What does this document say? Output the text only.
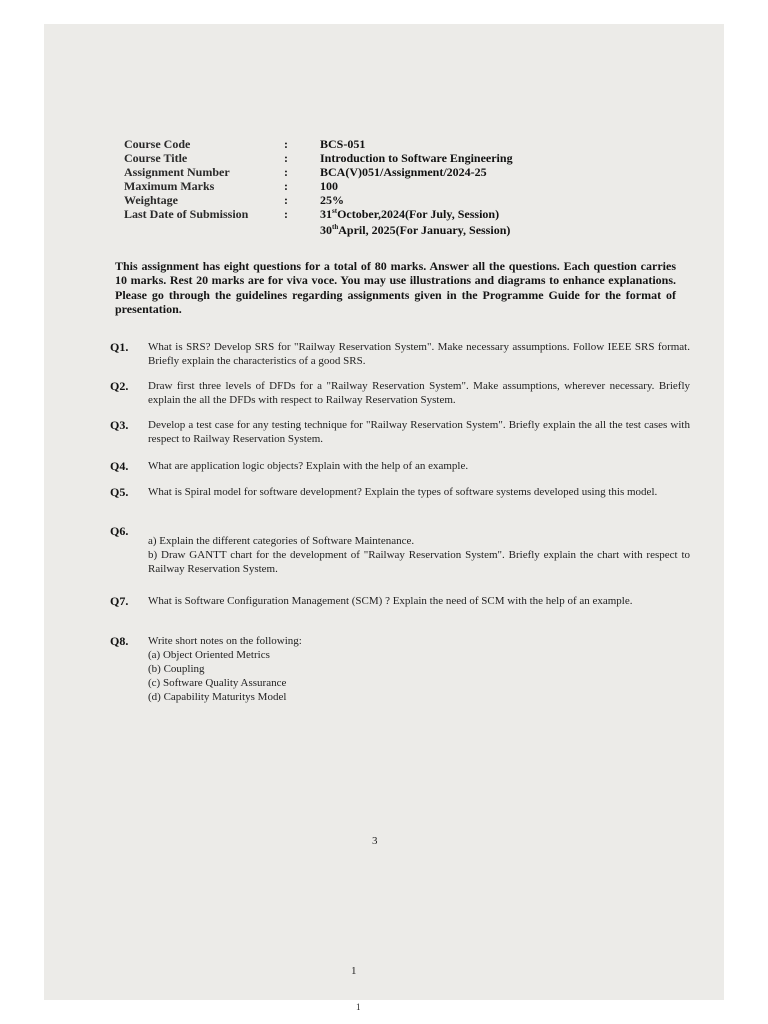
Course Code	:	BCS-051
Course Title	:	Introduction to Software Engineering
Assignment Number	:	BCA(V)051/Assignment/2024-25
Maximum Marks	:	100
Weightage	:	25%
Last Date of Submission	:	31stOctober,2024(For July, Session)
30thApril, 2025(For January, Session)
This assignment has eight questions for a total of 80 marks. Answer all the questions. Each question carries 10 marks. Rest 20 marks are for viva voce. You may use illustrations and diagrams to enhance explanations. Please go through the guidelines regarding assignments given in the Programme Guide for the format of presentation.
Q1.	What is SRS? Develop SRS for "Railway Reservation System". Make necessary assumptions. Follow IEEE SRS format. Briefly explain the characteristics of a good SRS.
Q2.	Draw first three levels of DFDs for a "Railway Reservation System". Make assumptions, wherever necessary. Briefly explain the all the DFDs with respect to Railway Reservation System.
Q3.	Develop a test case for any testing technique for "Railway Reservation System". Briefly explain the all the test cases with respect to Railway Reservation System.
Q4.	What are application logic objects? Explain with the help of an example.
Q5.	What is Spiral model for software development? Explain the types of software systems developed using this model.
Q6.

a) Explain the different categories of Software Maintenance.

b) Draw GANTT chart for the development of "Railway Reservation System". Briefly explain the chart with respect to Railway Reservation System.

Q7.	What is Software Configuration Management (SCM) ? Explain the need of SCM with the help of an example.
Q8.	Write short notes on the following:

(a) Object Oriented Metrics

(b) Coupling

(c) Software Quality Assurance

(d) Capability Maturitys Model

3
1
1
